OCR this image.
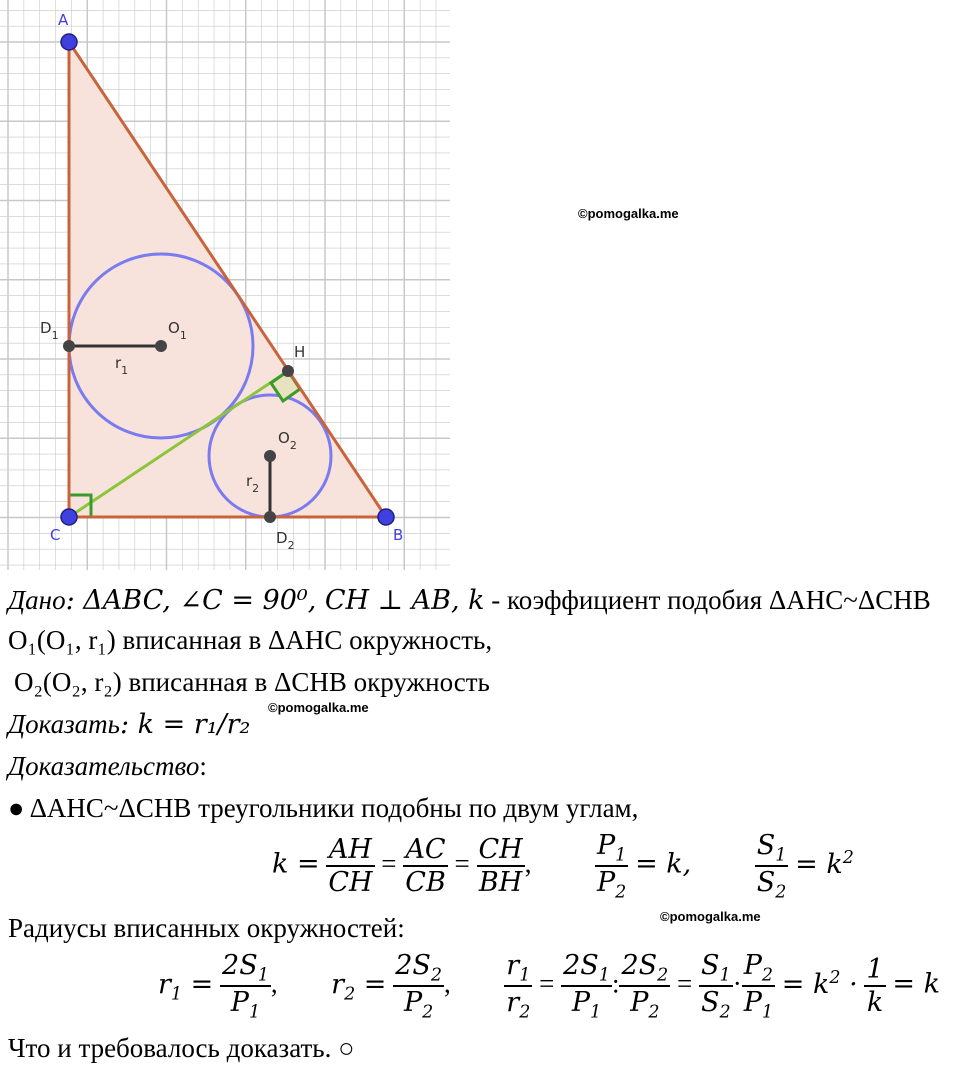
A
C	B
H
$D_1$	$O_1$
$r_1$
$O_2$
$r_2$
$D_2$
©pomogalka.me
©pomogalka.me
©pomogalka.me
Дано: ΔABC, ∠C = 90⁰, CH ⊥ AB, k - коэффициент подобия ΔAHC~ΔCHB
O₁(O₁, r₁) вписанная в ΔAHC окружность,
O₂(O₂, r₂) вписанная в ΔCHB окружность
Доказать: k = r₁/r₂
Доказательство:
● ΔAHC~ΔCHB треугольники подобны по двум углам,
$k = \frac{AH}{CH} = \frac{AC}{CB} = \frac{CH}{BH}$ , $\frac{P_1}{P_2} = k$, $\frac{S_1}{S_2} = k^2$
Радиусы вписанных окружностей:
$r_1 = \frac{2S_1}{P_1}$ ,  $r_2 = \frac{2S_2}{P_2}$ , $\frac{r_1}{r_2} = \frac{2S_1}{P_1}$ : $\frac{2S_2}{P_2} = \frac{S_1}{S_2} \cdot \frac{P_2}{P_1} = k^2 \cdot \frac{1}{k} = k$
Что и требовалось доказать. ○
